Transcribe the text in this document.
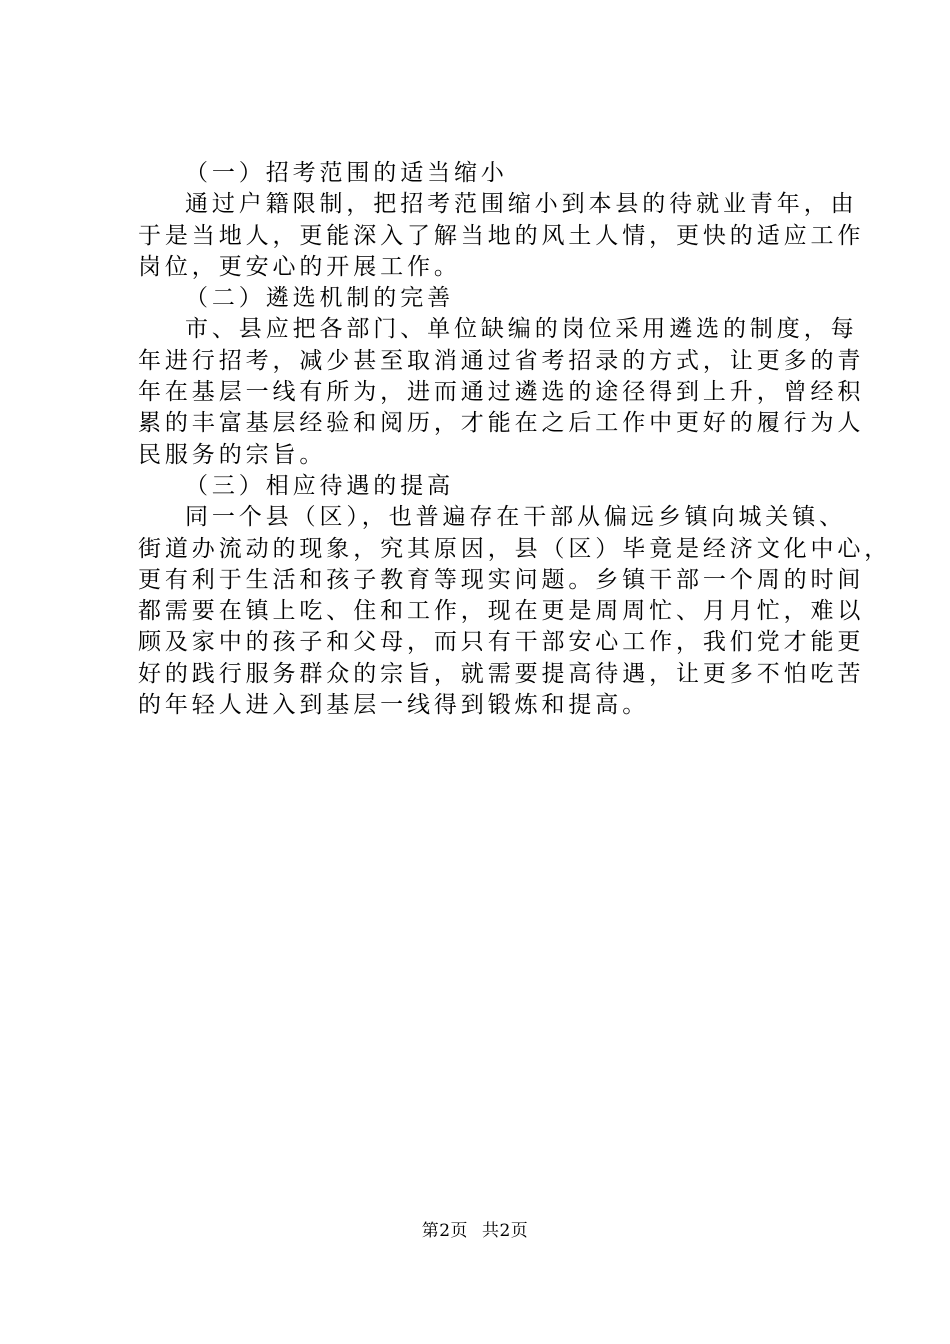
（一）招考范围的适当缩小
通过户籍限制，把招考范围缩小到本县的待就业青年，由
于是当地人，更能深入了解当地的风土人情，更快的适应工作
岗位，更安心的开展工作。
（二）遴选机制的完善
市、县应把各部门、单位缺编的岗位采用遴选的制度，每
年进行招考，减少甚至取消通过省考招录的方式，让更多的青
年在基层一线有所为，进而通过遴选的途径得到上升，曾经积
累的丰富基层经验和阅历，才能在之后工作中更好的履行为人
民服务的宗旨。
（三）相应待遇的提高
同一个县（区），也普遍存在干部从偏远乡镇向城关镇、
街道办流动的现象，究其原因，县（区）毕竟是经济文化中心，
更有利于生活和孩子教育等现实问题。乡镇干部一个周的时间
都需要在镇上吃、住和工作，现在更是周周忙、月月忙，难以
顾及家中的孩子和父母，而只有干部安心工作，我们党才能更
好的践行服务群众的宗旨，就需要提高待遇，让更多不怕吃苦
的年轻人进入到基层一线得到锻炼和提高。
第2页 共2页
